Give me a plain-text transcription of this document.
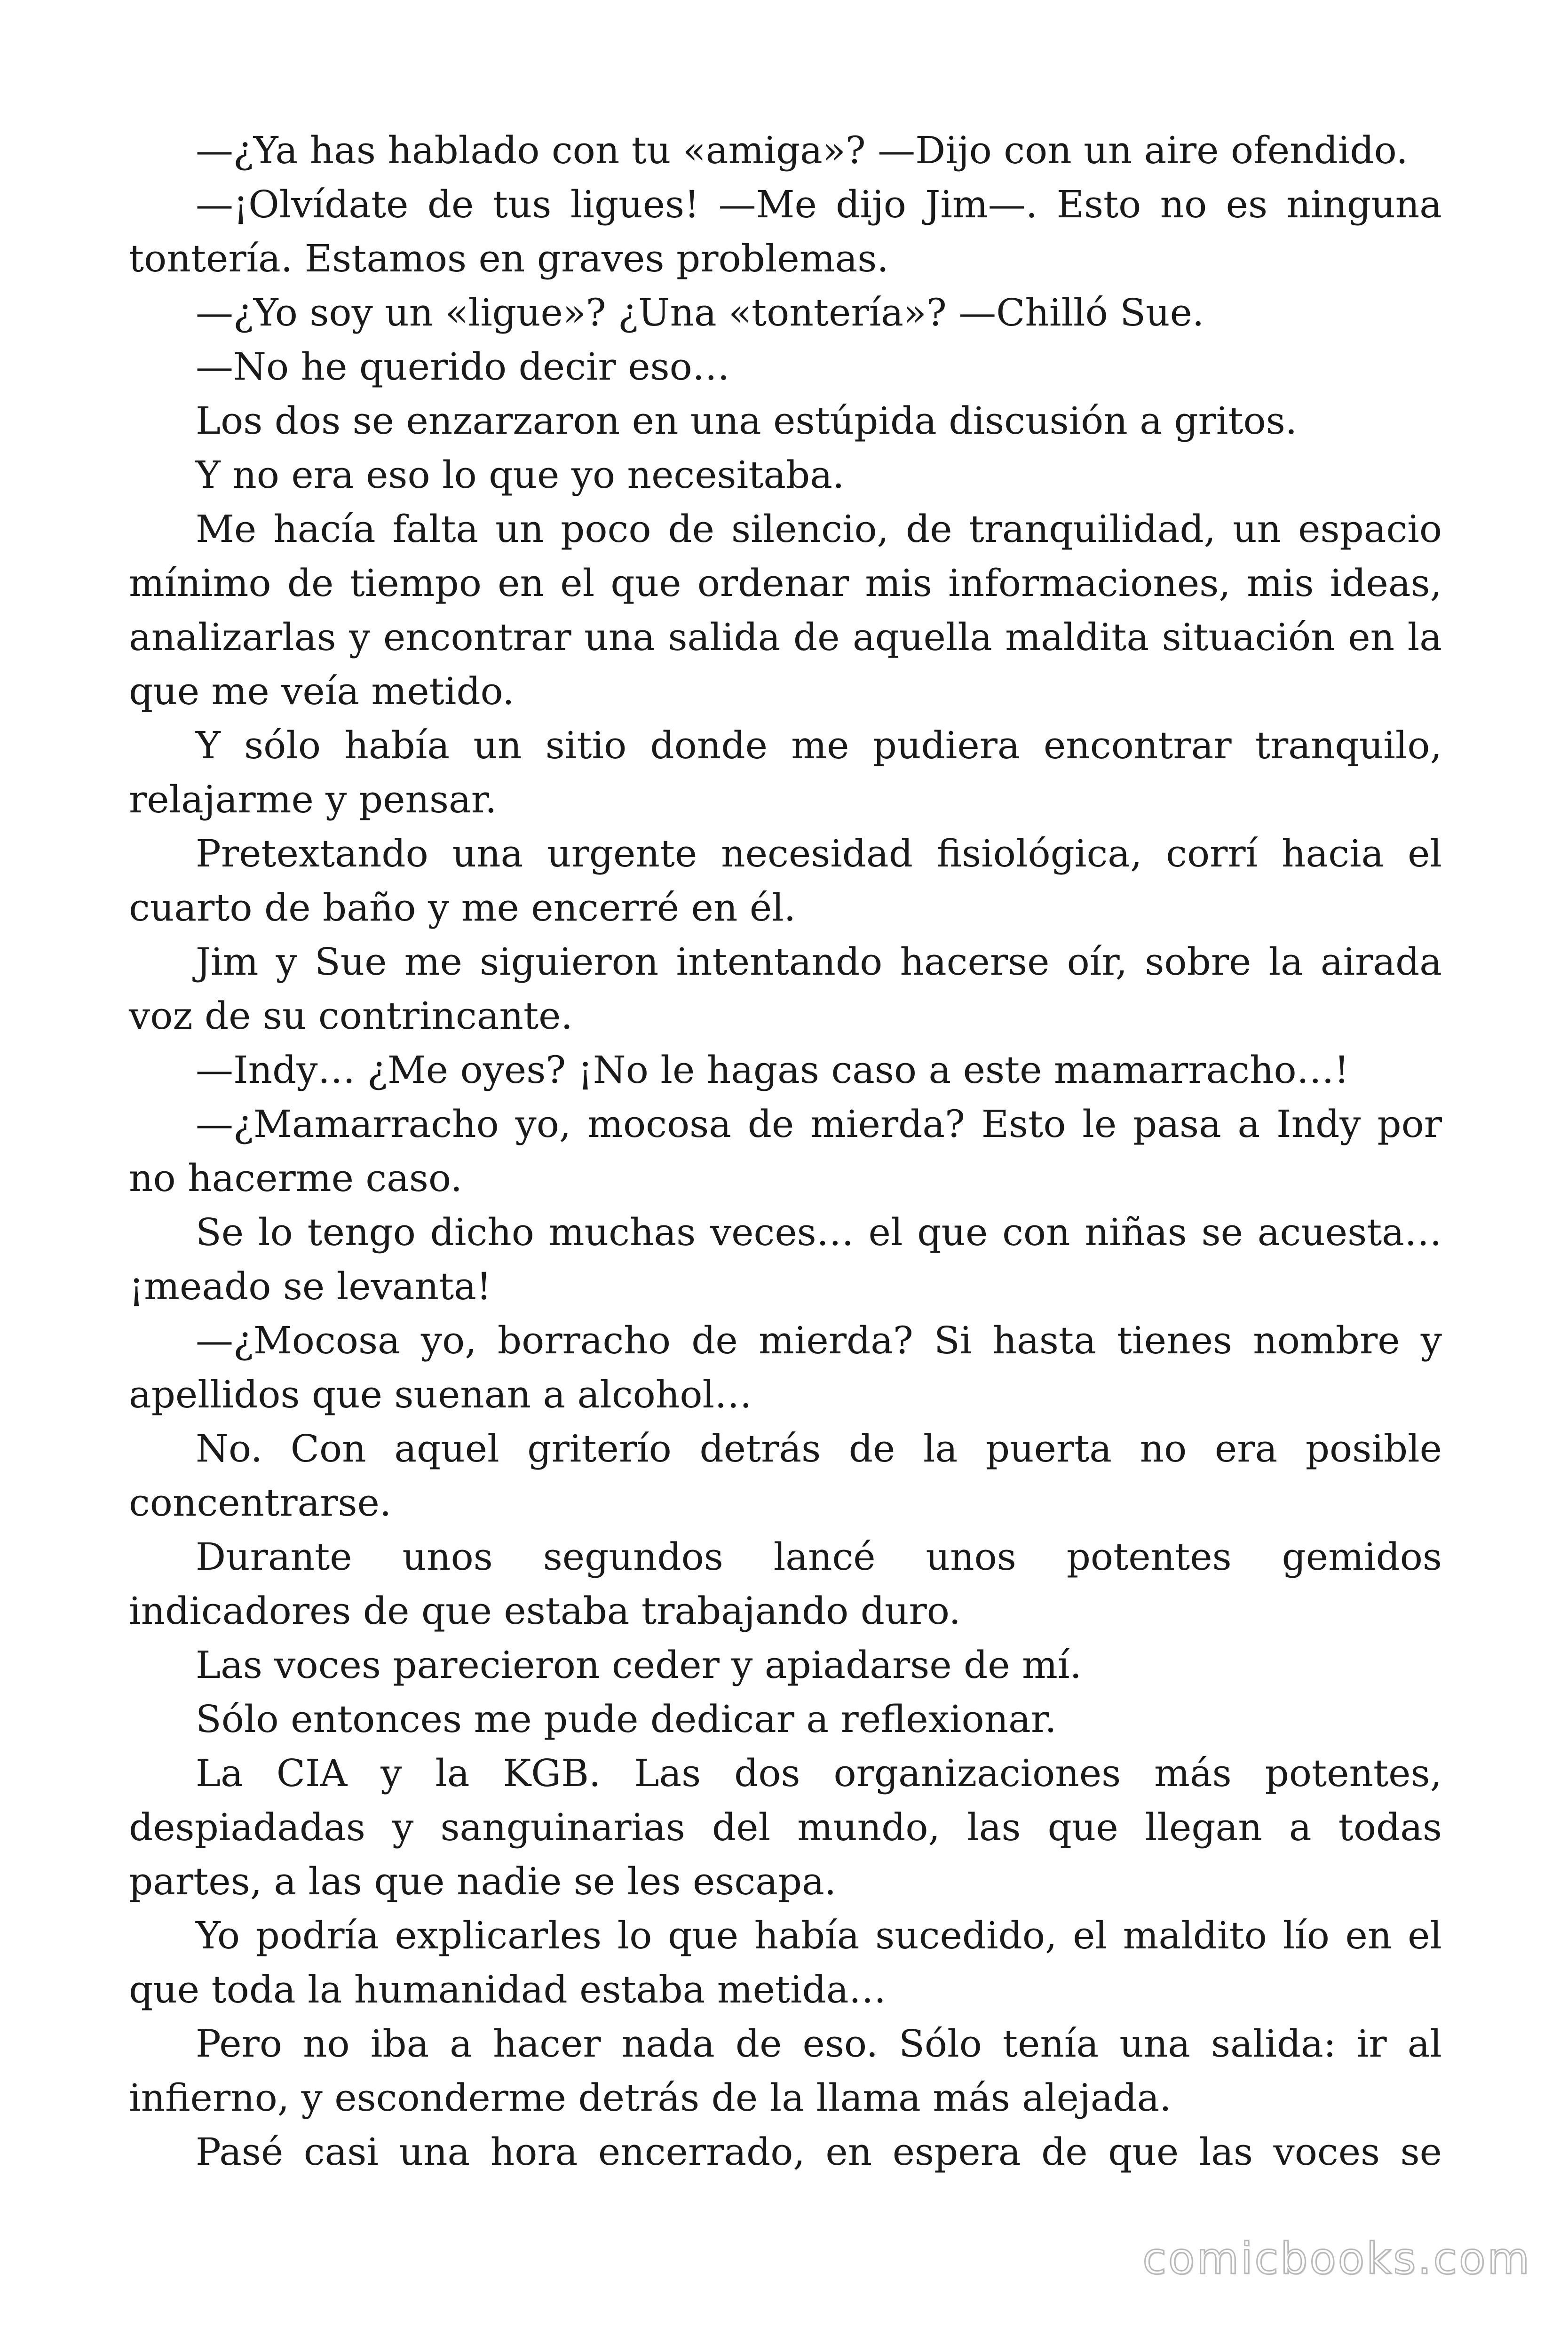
—¿Ya has hablado con tu «amiga»? —Dijo con un aire ofendido.

—¡Olvídate de tus ligues! —Me dijo Jim—. Esto no es ninguna tontería. Estamos en graves problemas.

—¿Yo soy un «ligue»? ¿Una «tontería»? —Chilló Sue.

—No he querido decir eso…

Los dos se enzarzaron en una estúpida discusión a gritos.

Y no era eso lo que yo necesitaba.

Me hacía falta un poco de silencio, de tranquilidad, un espacio mínimo de tiempo en el que ordenar mis informaciones, mis ideas, analizarlas y encontrar una salida de aquella maldita situación en la que me veía metido.

Y sólo había un sitio donde me pudiera encontrar tranquilo, relajarme y pensar.

Pretextando una urgente necesidad fisiológica, corrí hacia el cuarto de baño y me encerré en él.

Jim y Sue me siguieron intentando hacerse oír, sobre la airada voz de su contrincante.

—Indy… ¿Me oyes? ¡No le hagas caso a este mamarracho…!

—¿Mamarracho yo, mocosa de mierda? Esto le pasa a Indy por no hacerme caso.

Se lo tengo dicho muchas veces… el que con niñas se acuesta… ¡meado se levanta!

—¿Mocosa yo, borracho de mierda? Si hasta tienes nombre y apellidos que suenan a alcohol…

No. Con aquel griterío detrás de la puerta no era posible concentrarse.

Durante unos segundos lancé unos potentes gemidos indicadores de que estaba trabajando duro.

Las voces parecieron ceder y apiadarse de mí.

Sólo entonces me pude dedicar a reflexionar.

La CIA y la KGB. Las dos organizaciones más potentes, despiadadas y sanguinarias del mundo, las que llegan a todas partes, a las que nadie se les escapa.

Yo podría explicarles lo que había sucedido, el maldito lío en el que toda la humanidad estaba metida…

Pero no iba a hacer nada de eso. Sólo tenía una salida: ir al infierno, y esconderme detrás de la llama más alejada.

Pasé casi una hora encerrado, en espera de que las voces se

comicbooks.com
